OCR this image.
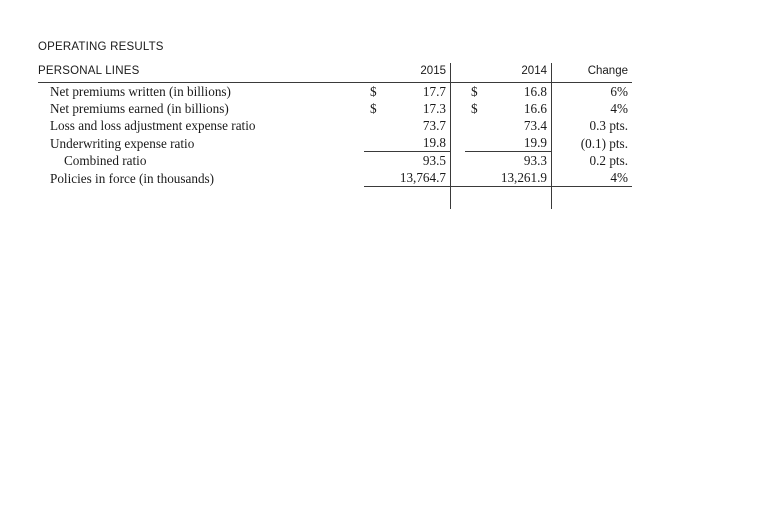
OPERATING RESULTS
PERSONAL LINES		2015			2014		Change
Net premiums written (in billions)	$	17.7		$	16.8		6%
Net premiums earned (in billions)	$	17.3		$	16.6		4%
Loss and loss adjustment expense ratio		73.7			73.4		0.3 pts.
Underwriting expense ratio		19.8			19.9		(0.1) pts.
Combined ratio		93.5			93.3		0.2 pts.
Policies in force (in thousands)		13,764.7			13,261.9		4%
